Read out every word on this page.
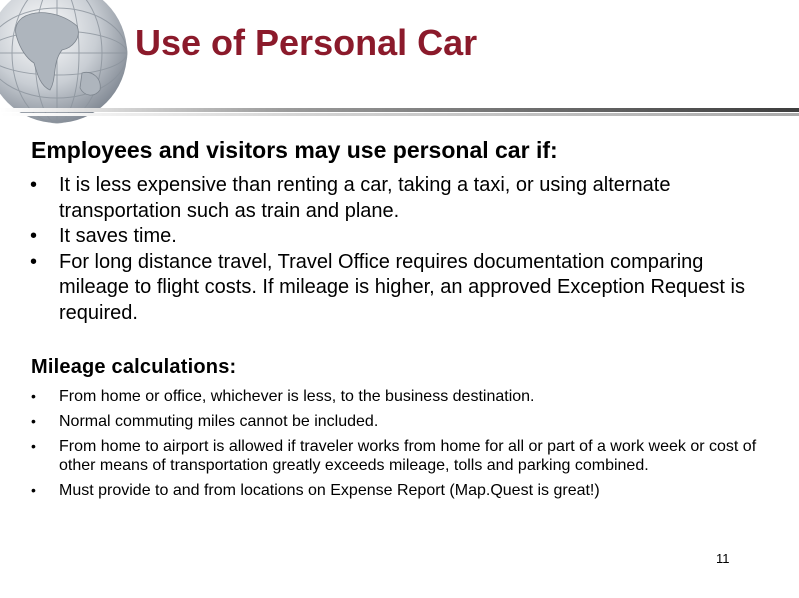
Use of Personal Car
Employees and visitors may use personal car if:
• It is less expensive than renting a car, taking a taxi, or using alternate transportation such as train and plane.
• It saves time.
• For long distance travel, Travel Office requires documentation comparing mileage to flight costs. If mileage is higher, an approved Exception Request is required.
Mileage calculations:
• From home or office, whichever is less, to the business destination.
• Normal commuting miles cannot be included.
• From home to airport is allowed if traveler works from home for all or part of a work week or cost of other means of transportation greatly exceeds mileage, tolls and parking combined.
• Must provide to and from locations on Expense Report (Map.Quest is great!)
11
